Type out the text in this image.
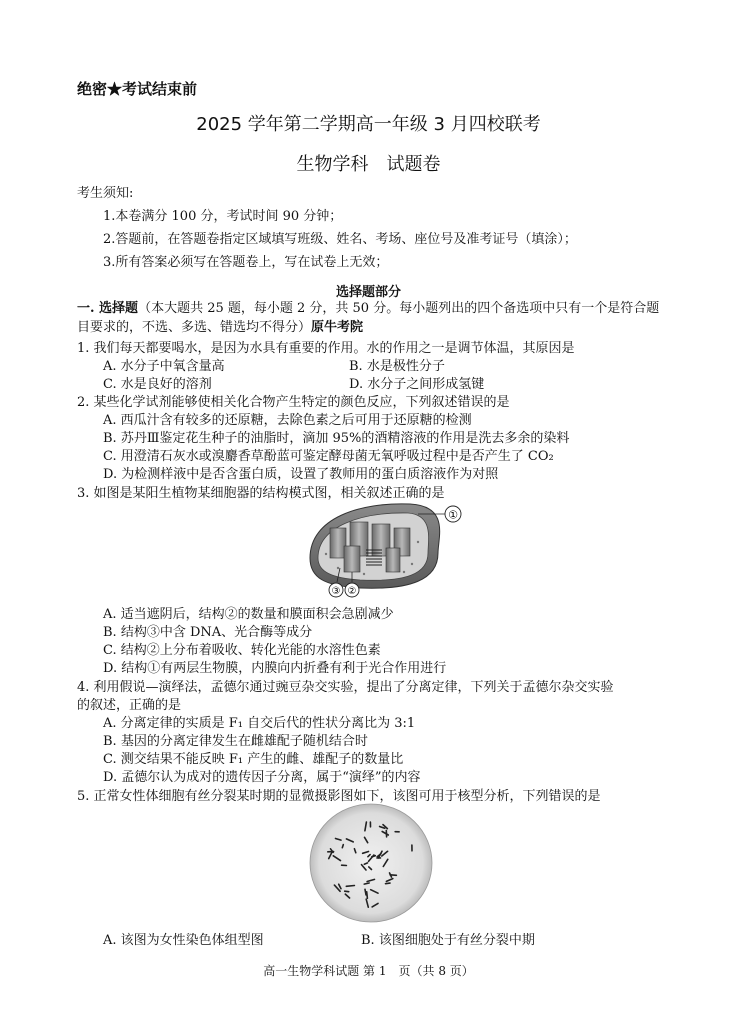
绝密★考试结束前
2025 学年第二学期高一年级 3 月四校联考
生物学科　试题卷
考生须知:
1.本卷满分 100 分，考试时间 90 分钟；
2.答题前，在答题卷指定区域填写班级、姓名、考场、座位号及准考证号（填涂）；
3.所有答案必须写在答题卷上，写在试卷上无效；
选择题部分
一. 选择题（本大题共 25 题，每小题 2 分，共 50 分。每小题列出的四个备选项中只有一个是符合题目要求的，不选、多选、错选均不得分）原牛考院
1. 我们每天都要喝水，是因为水具有重要的作用。水的作用之一是调节体温，其原因是
A. 水分子中氧含量高	B. 水是极性分子
C. 水是良好的溶剂	D. 水分子之间形成氢键
2. 某些化学试剂能够使相关化合物产生特定的颜色反应，下列叙述错误的是
A. 西瓜汁含有较多的还原糖，去除色素之后可用于还原糖的检测
B. 苏丹Ⅲ鉴定花生种子的油脂时，滴加 95%的酒精溶液的作用是洗去多余的染料
C. 用澄清石灰水或溴麝香草酚蓝可鉴定酵母菌无氧呼吸过程中是否产生了 CO₂
D. 为检测样液中是否含蛋白质，设置了教师用的蛋白质溶液作为对照
3. 如图是某阳生植物某细胞器的结构模式图，相关叙述正确的是
①
③ ②
A. 适当遮阴后，结构②的数量和膜面积会急剧减少
B. 结构③中含 DNA、光合酶等成分
C. 结构②上分布着吸收、转化光能的水溶性色素
D. 结构①有两层生物膜，内膜向内折叠有利于光合作用进行
4. 利用假说—演绎法，孟德尔通过豌豆杂交实验，提出了分离定律，下列关于孟德尔杂交实验
的叙述，正确的是
A. 分离定律的实质是 F₁ 自交后代的性状分离比为 3:1
B. 基因的分离定律发生在雌雄配子随机结合时
C. 测交结果不能反映 F₁ 产生的雌、雄配子的数量比
D. 孟德尔认为成对的遗传因子分离，属于“演绎”的内容
5. 正常女性体细胞有丝分裂某时期的显微摄影图如下，该图可用于核型分析，下列错误的是
A. 该图为女性染色体组型图	B. 该图细胞处于有丝分裂中期
高一生物学科试题 第 1　页（共 8 页）
